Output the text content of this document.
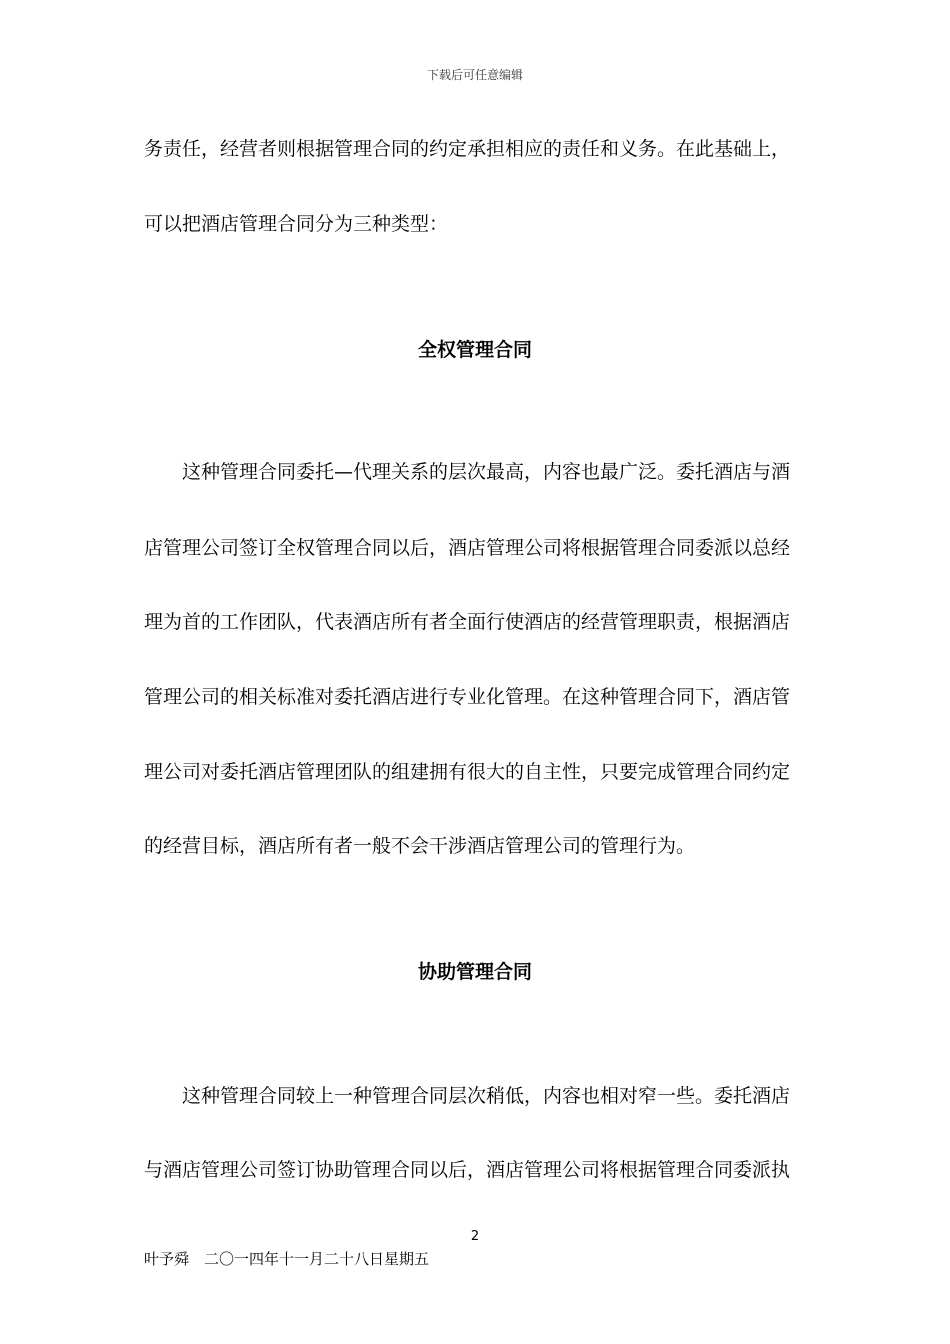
下载后可任意编辑
务责任，经营者则根据管理合同的约定承担相应的责任和义务。在此基础上，
可以把酒店管理合同分为三种类型：
全权管理合同
这种管理合同委托—代理关系的层次最高，内容也最广泛。委托酒店与酒
店管理公司签订全权管理合同以后，酒店管理公司将根据管理合同委派以总经
理为首的工作团队，代表酒店所有者全面行使酒店的经营管理职责，根据酒店
管理公司的相关标准对委托酒店进行专业化管理。在这种管理合同下，酒店管
理公司对委托酒店管理团队的组建拥有很大的自主性，只要完成管理合同约定
的经营目标，酒店所有者一般不会干涉酒店管理公司的管理行为。
协助管理合同
这种管理合同较上一种管理合同层次稍低，内容也相对窄一些。委托酒店
与酒店管理公司签订协助管理合同以后，酒店管理公司将根据管理合同委派执
2
叶予舜　二〇一四年十一月二十八日星期五
